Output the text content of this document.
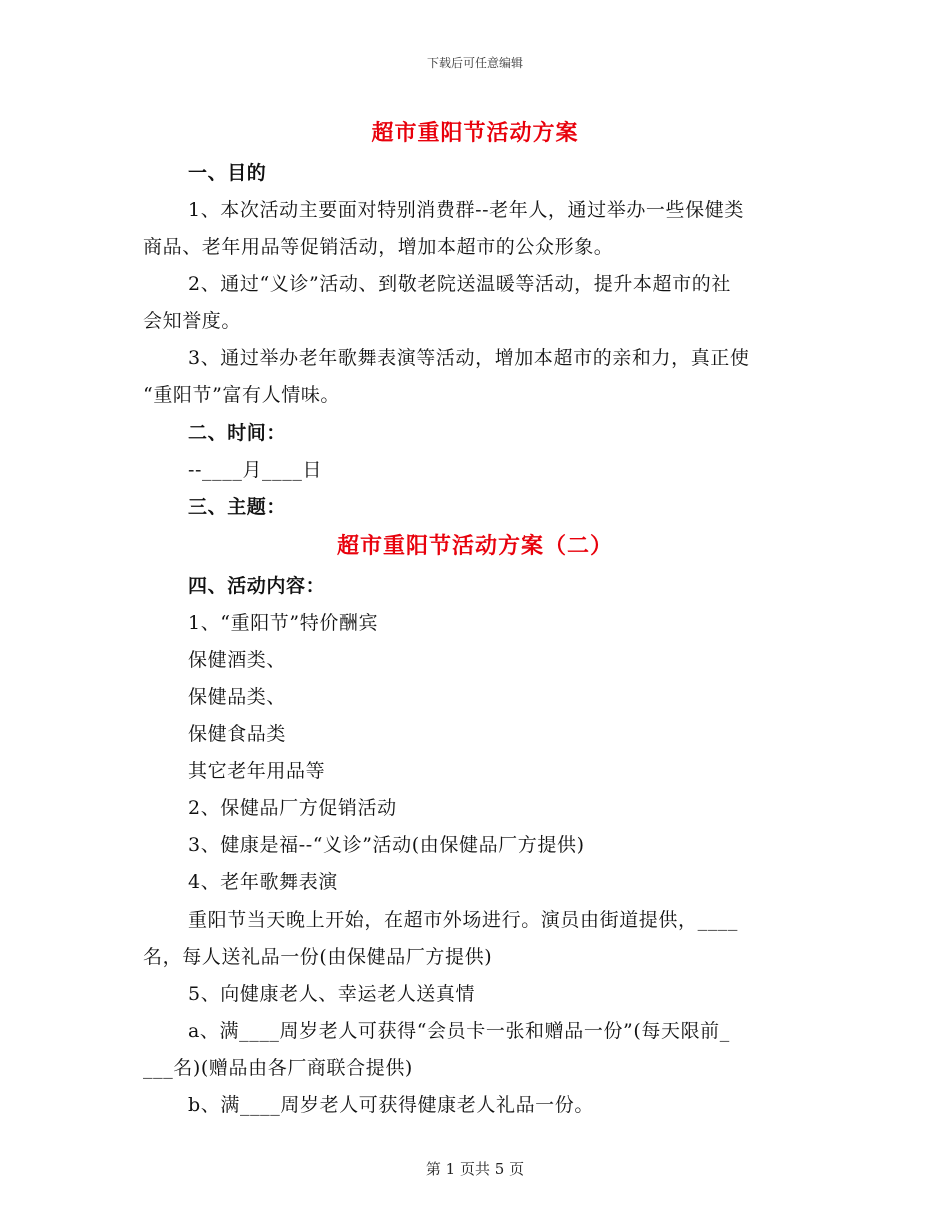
下载后可任意编辑
超市重阳节活动方案
一、目的
1、本次活动主要面对特别消费群--老年人，通过举办一些保健类
商品、老年用品等促销活动，增加本超市的公众形象。
2、通过“义诊”活动、到敬老院送温暖等活动，提升本超市的社
会知誉度。
3、通过举办老年歌舞表演等活动，增加本超市的亲和力，真正使
“重阳节”富有人情味。
二、时间：
--____月____日
三、主题：
超市重阳节活动方案（二）
四、活动内容：
1、“重阳节”特价酬宾
保健酒类、
保健品类、
保健食品类
其它老年用品等
2、保健品厂方促销活动
3、健康是福--“义诊”活动(由保健品厂方提供)
4、老年歌舞表演
重阳节当天晚上开始，在超市外场进行。演员由街道提供，____
名，每人送礼品一份(由保健品厂方提供)
5、向健康老人、幸运老人送真情
a、满____周岁老人可获得“会员卡一张和赠品一份”(每天限前_
___名)(赠品由各厂商联合提供)
b、满____周岁老人可获得健康老人礼品一份。
第 1 页共 5 页
